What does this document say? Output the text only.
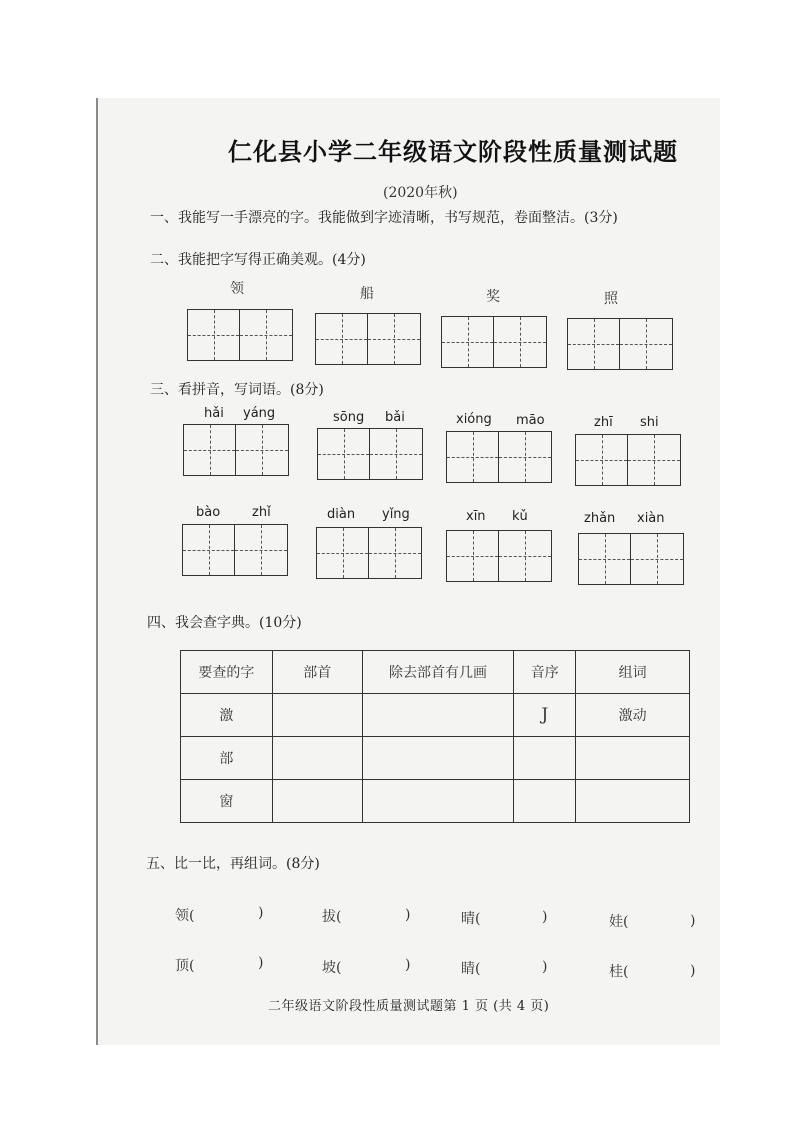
仁化县小学二年级语文阶段性质量测试题
(2020年秋)
一、我能写一手漂亮的字。我能做到字迹清晰，书写规范，卷面整洁。(3分)
二、我能把字写得正确美观。(4分)
领	船	奖	照
三、看拼音，写词语。(8分)
hǎi yáng	sōng bǎi	xióng māo	zhī shi
bào zhǐ	diàn yǐng	xīn kǔ	zhǎn xiàn
四、我会查字典。(10分)
要查的字	部首	除去部首有几画	音序	组词
激			J	激动
部				
窗				
五、比一比，再组词。(8分)
领(	)	拔(	)	晴(	)	娃(	)
顶(	)	坡(	)	睛(	)	桂(	)
二年级语文阶段性质量测试题第 1 页 (共 4 页)
